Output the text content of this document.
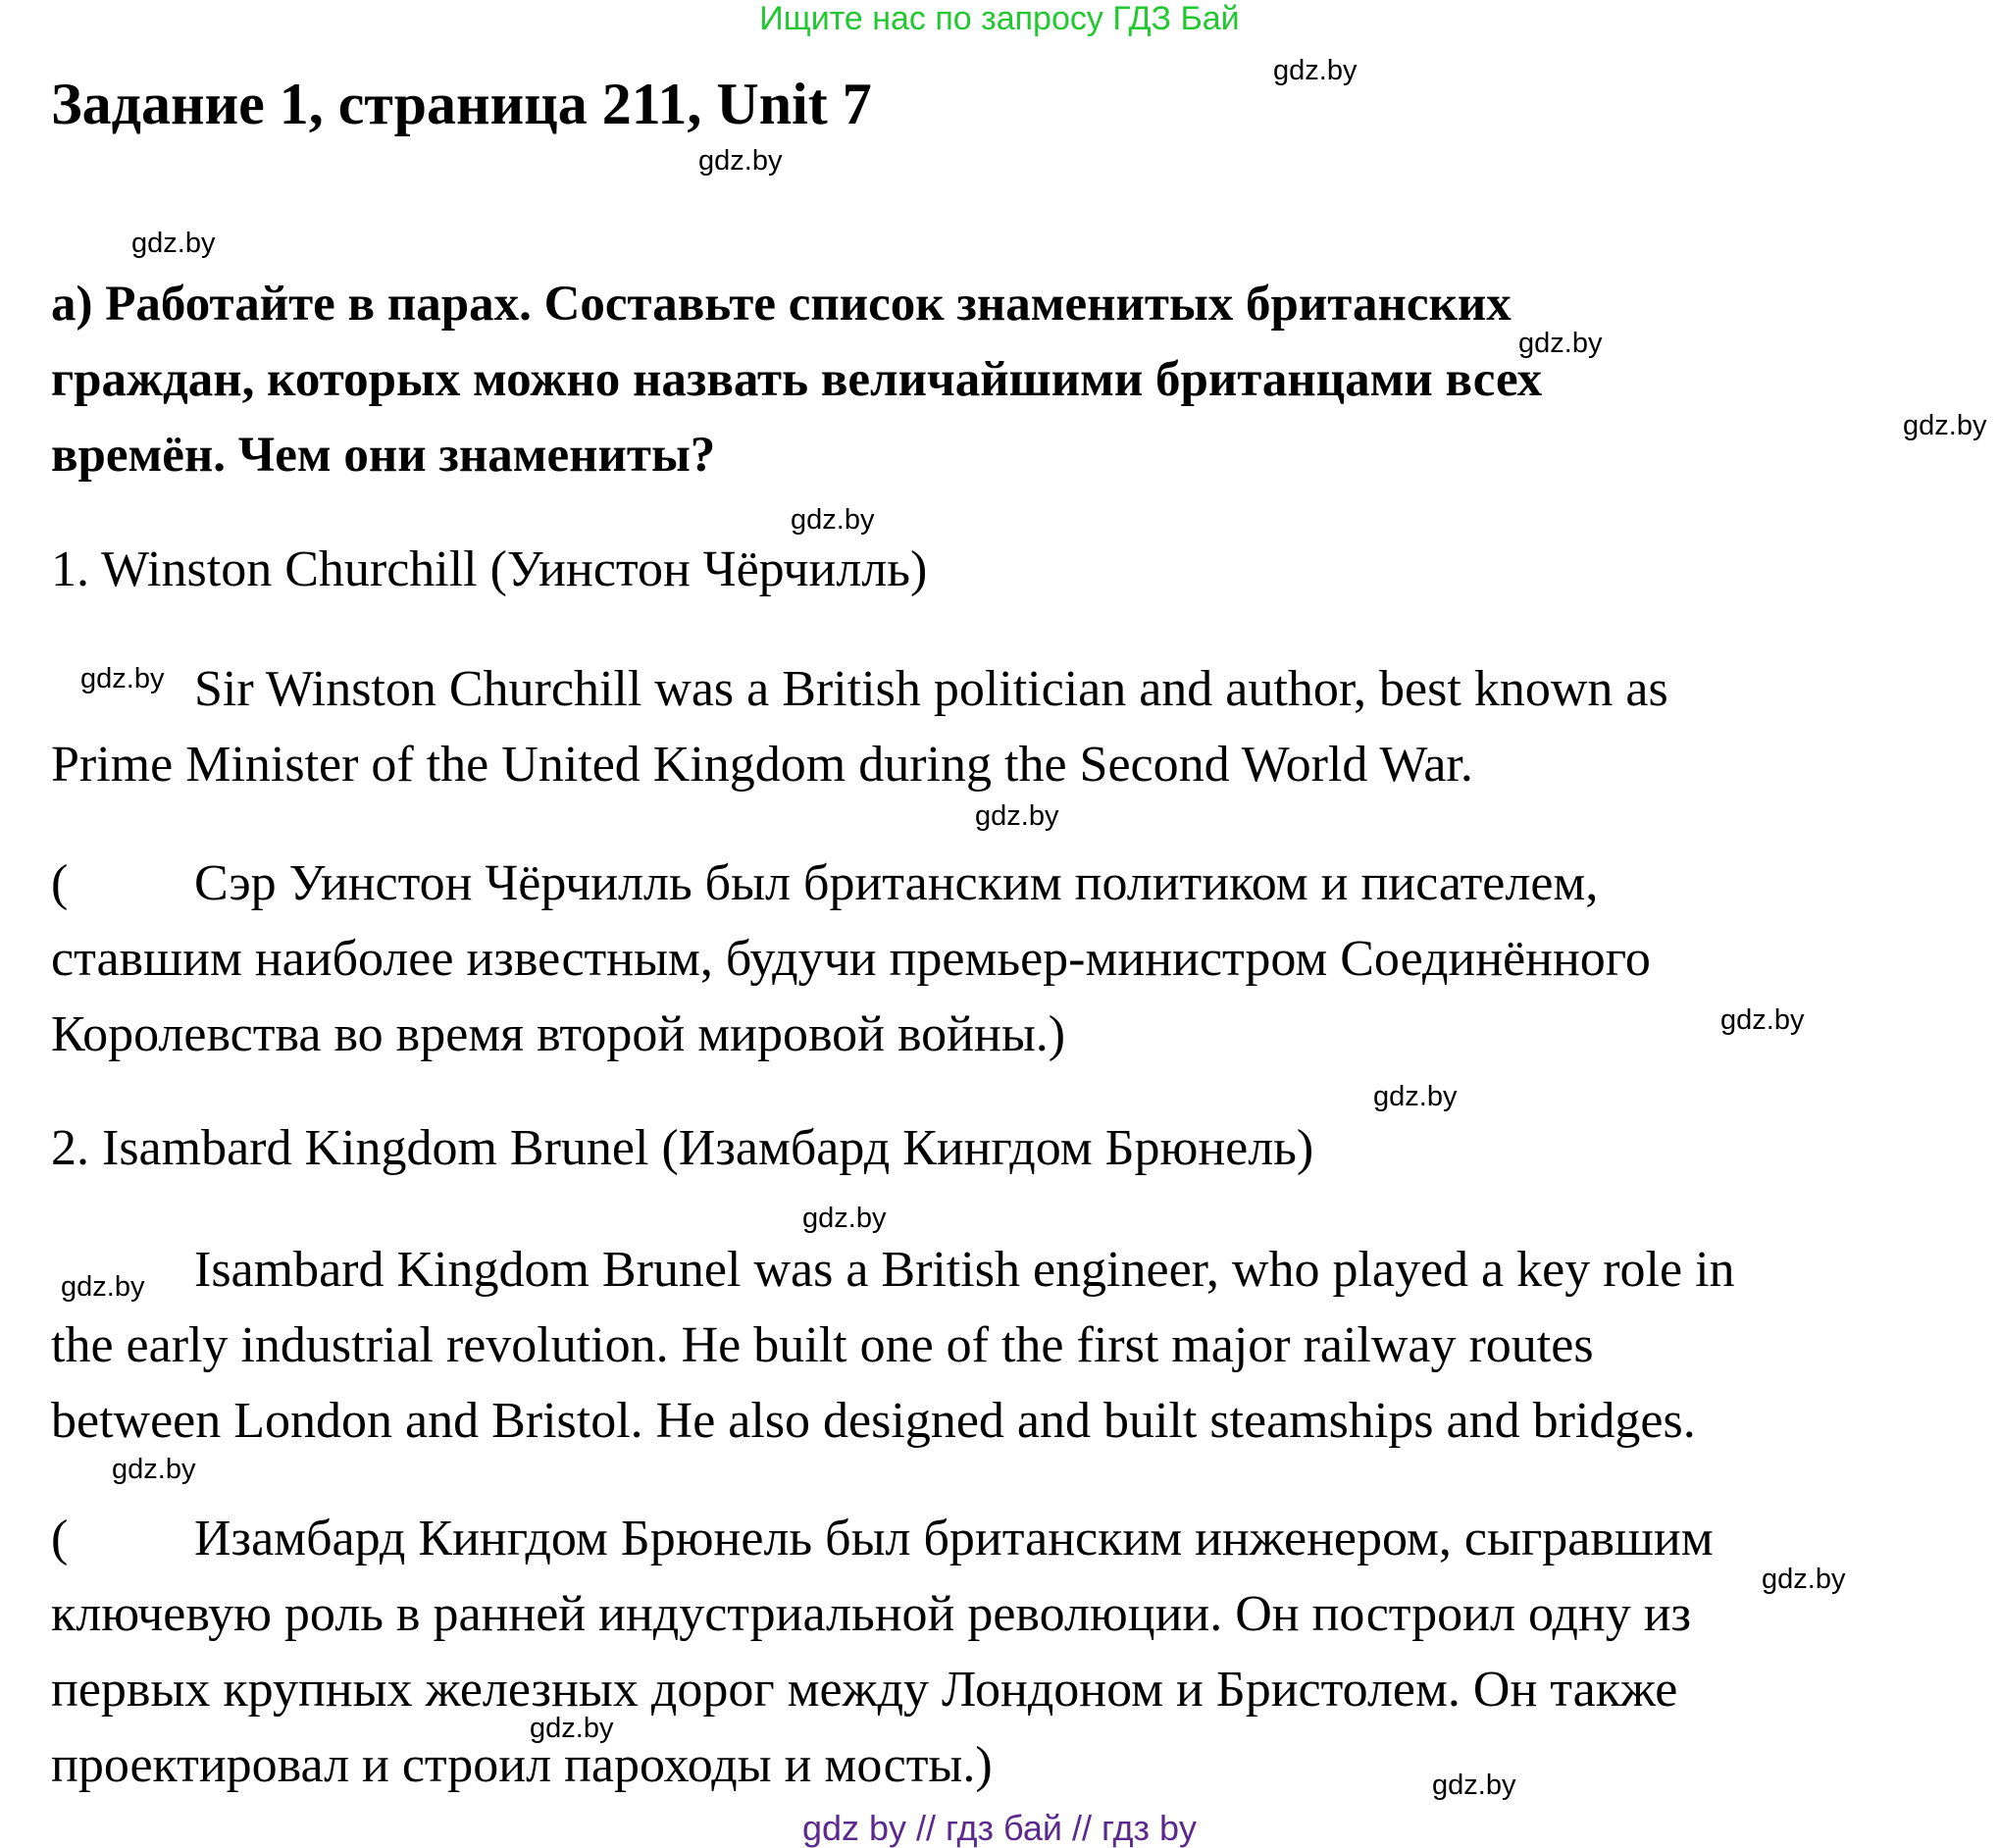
Ищите нас по запросу ГДЗ Бай
Задание 1, страница 211, Unit 7
a) Работайте в парах. Составьте список знаменитых британских
граждан, которых можно назвать величайшими британцами всех
времён. Чем они знамениты?
1. Winston Churchill (Уинстон Чёрчилль)
Sir Winston Churchill was a British politician and author, best known as
Prime Minister of the United Kingdom during the Second World War.
( Сэр Уинстон Чёрчилль был британским политиком и писателем,
ставшим наиболее известным, будучи премьер-министром Соединённого
Королевства во время второй мировой войны.)
2. Isambard Kingdom Brunel (Изамбард Кингдом Брюнель)
Isambard Kingdom Brunel was a British engineer, who played a key role in
the early industrial revolution. He built one of the first major railway routes
between London and Bristol. He also designed and built steamships and bridges.
( Изамбард Кингдом Брюнель был британским инженером, сыгравшим
ключевую роль в ранней индустриальной революции. Он построил одну из
первых крупных железных дорог между Лондоном и Бристолем. Он также
проектировал и строил пароходы и мосты.)
gdz.by
gdz.by
gdz.by
gdz.by
gdz.by
gdz.by
gdz.by
gdz.by
gdz.by
gdz.by
gdz.by
gdz.by
gdz.by
gdz.by
gdz.by
gdz.by
gdz by // гдз бай // гдз by
